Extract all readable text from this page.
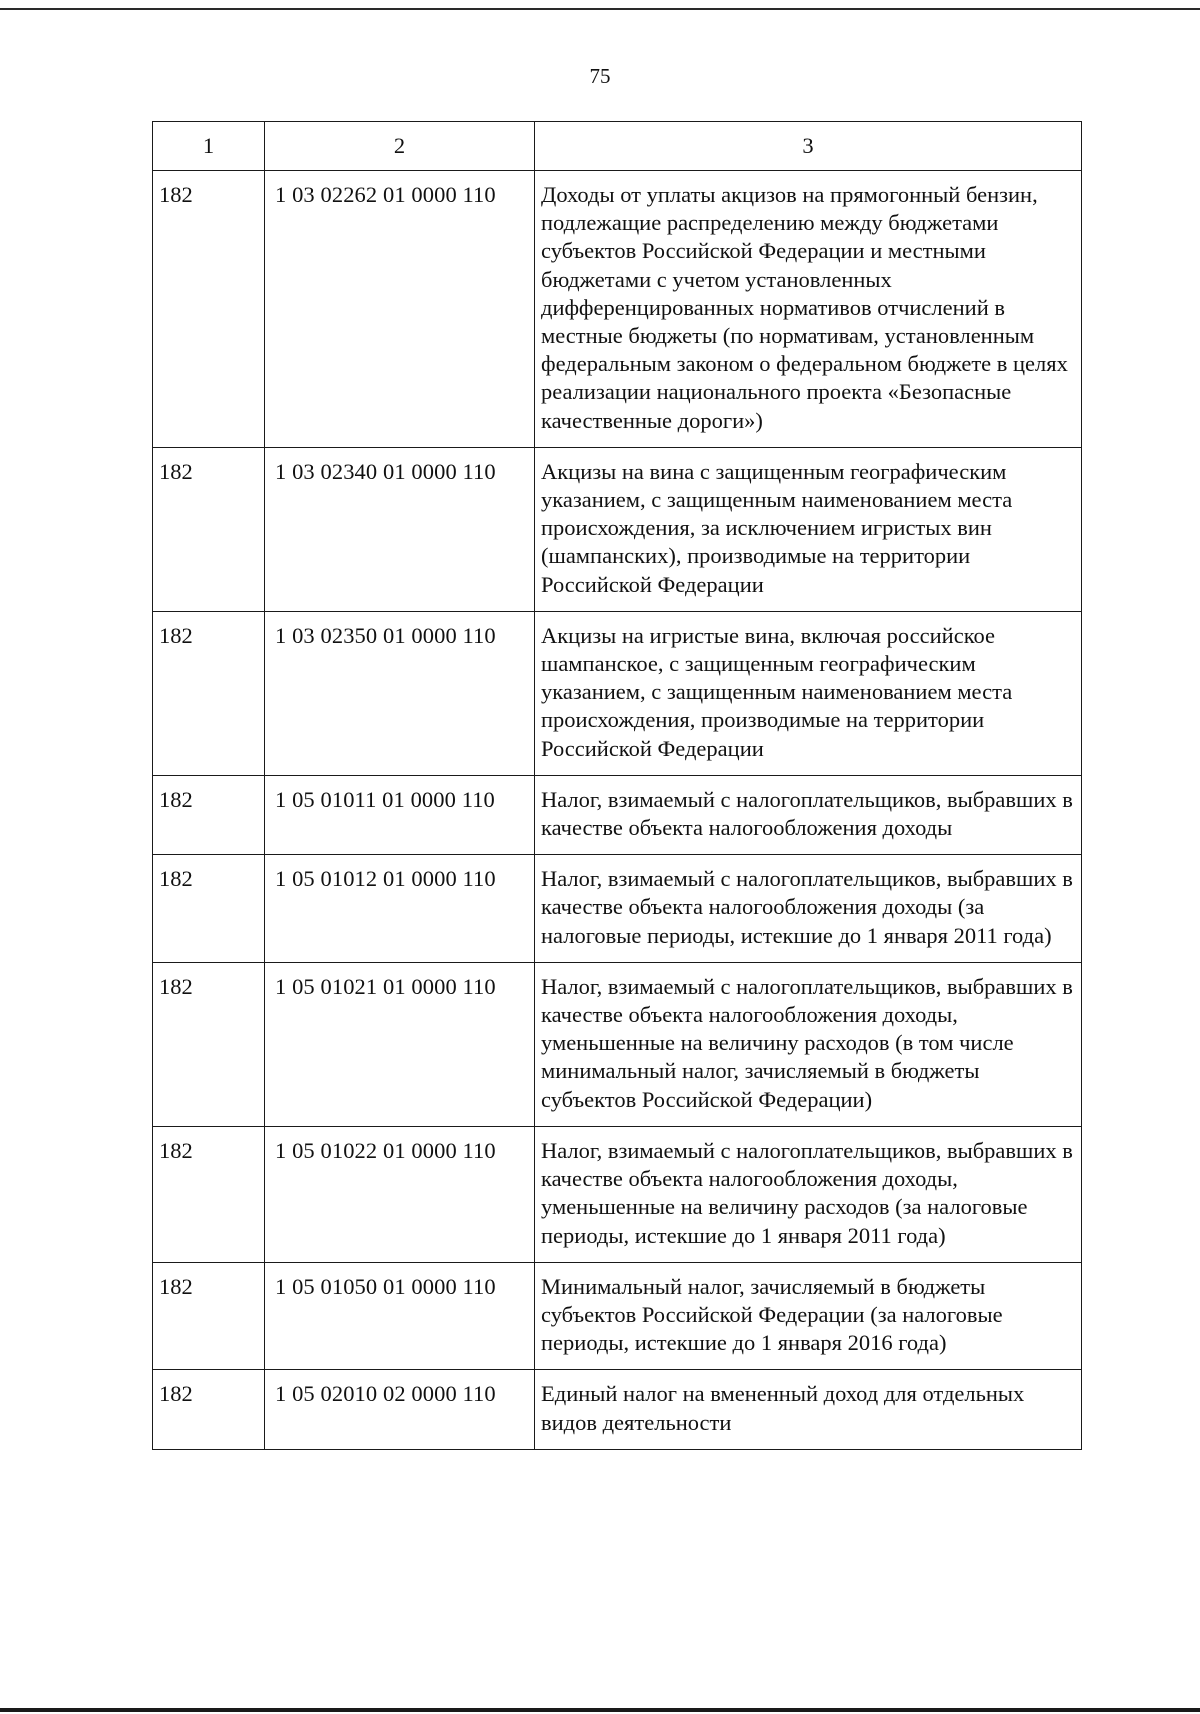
75
1	2	3
182	1 03 02262 01 0000 110	Доходы от уплаты акцизов на прямогонный бензин, подлежащие распределению между бюджетами субъектов Российской Федерации и местными бюджетами с учетом установленных дифференцированных нормативов отчислений в местные бюджеты (по нормативам, установленным федеральным законом о федеральном бюджете в целях реализации национального проекта «Безопасные качественные дороги»)
182	1 03 02340 01 0000 110	Акцизы на вина с защищенным географическим указанием, с защищенным наименованием места происхождения, за исключением игристых вин (шампанских), производимые на территории Российской Федерации
182	1 03 02350 01 0000 110	Акцизы на игристые вина, включая российское шампанское, с защищенным географическим указанием, с защищенным наименованием места происхождения, производимые на территории Российской Федерации
182	1 05 01011 01 0000 110	Налог, взимаемый с налогоплательщиков, выбравших в качестве объекта налогообложения доходы
182	1 05 01012 01 0000 110	Налог, взимаемый с налогоплательщиков, выбравших в качестве объекта налогообложения доходы (за налоговые периоды, истекшие до 1 января 2011 года)
182	1 05 01021 01 0000 110	Налог, взимаемый с налогоплательщиков, выбравших в качестве объекта налогообложения доходы, уменьшенные на величину расходов (в том числе минимальный налог, зачисляемый в бюджеты субъектов Российской Федерации)
182	1 05 01022 01 0000 110	Налог, взимаемый с налогоплательщиков, выбравших в качестве объекта налогообложения доходы, уменьшенные на величину расходов (за налоговые периоды, истекшие до 1 января 2011 года)
182	1 05 01050 01 0000 110	Минимальный налог, зачисляемый в бюджеты субъектов Российской Федерации (за налоговые периоды, истекшие до 1 января 2016 года)
182	1 05 02010 02 0000 110	Единый налог на вмененный доход для отдельных видов деятельности
